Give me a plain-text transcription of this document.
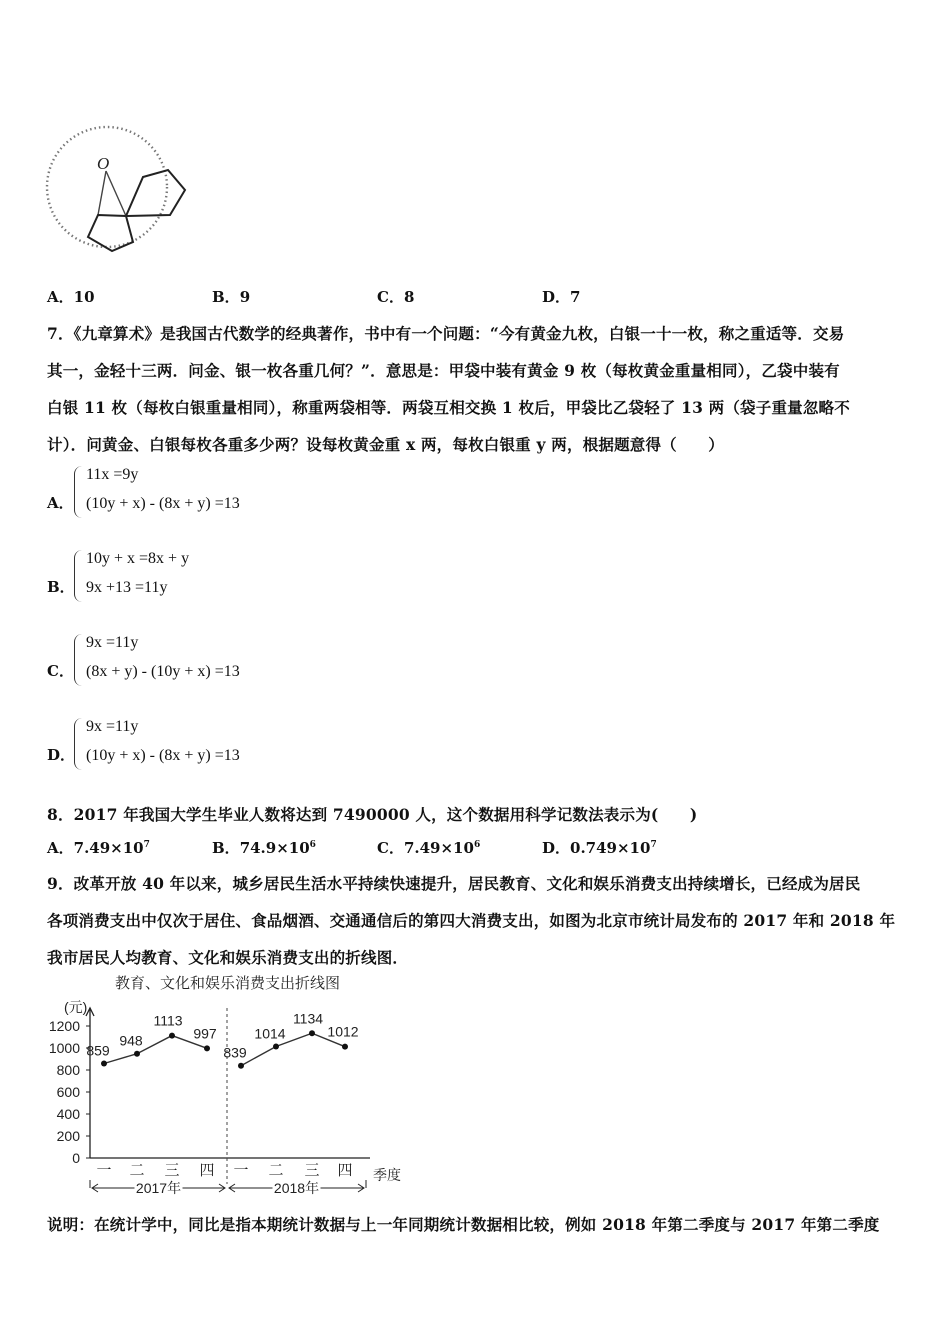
O
A．10	B．9	C．8	D．7
7．《九章算术》是我国古代数学的经典著作，书中有一个问题：“今有黄金九枚，白银一十一枚，称之重适等．交易
其一，金轻十三两．问金、银一枚各重几何？”．意思是：甲袋中装有黄金 9 枚（每枚黄金重量相同），乙袋中装有
白银 11 枚（每枚白银重量相同），称重两袋相等．两袋互相交换 1 枚后，甲袋比乙袋轻了 13 两（袋子重量忽略不
计）．问黄金、白银每枚各重多少两？设每枚黄金重 x 两，每枚白银重 y 两，根据题意得（　　）
A．
11x =9y
(10y + x) - (8x + y) =13
B．
10y + x =8x + y
9x +13 =11y
C．
9x =11y
(8x + y) - (10y + x) =13
D．
9x =11y
(10y + x) - (8x + y) =13
8．2017 年我国大学生毕业人数将达到 7490000 人，这个数据用科学记数法表示为(　　)
A．$7.49\times 10^7$	B．$74.9\times 10^6$	C．$7.49\times 10^6$	D．$0.749\times 10^7$
9．改革开放 40 年以来，城乡居民生活水平持续快速提升，居民教育、文化和娱乐消费支出持续增长，已经成为居民
各项消费支出中仅次于居住、食品烟酒、交通通信后的第四大消费支出，如图为北京市统计局发布的 2017 年和 2018 年
我市居民人均教育、文化和娱乐消费支出的折线图．
教育、文化和娱乐消费支出折线图
(元)
季度
0
200
400
600
800
1000
1200
一 二 三 四 一 二 三 四
2017年	2018年
859
948
1113
997
839
1014
1134
1012
说明：在统计学中，同比是指本期统计数据与上一年同期统计数据相比较，例如 2018 年第二季度与 2017 年第二季度
